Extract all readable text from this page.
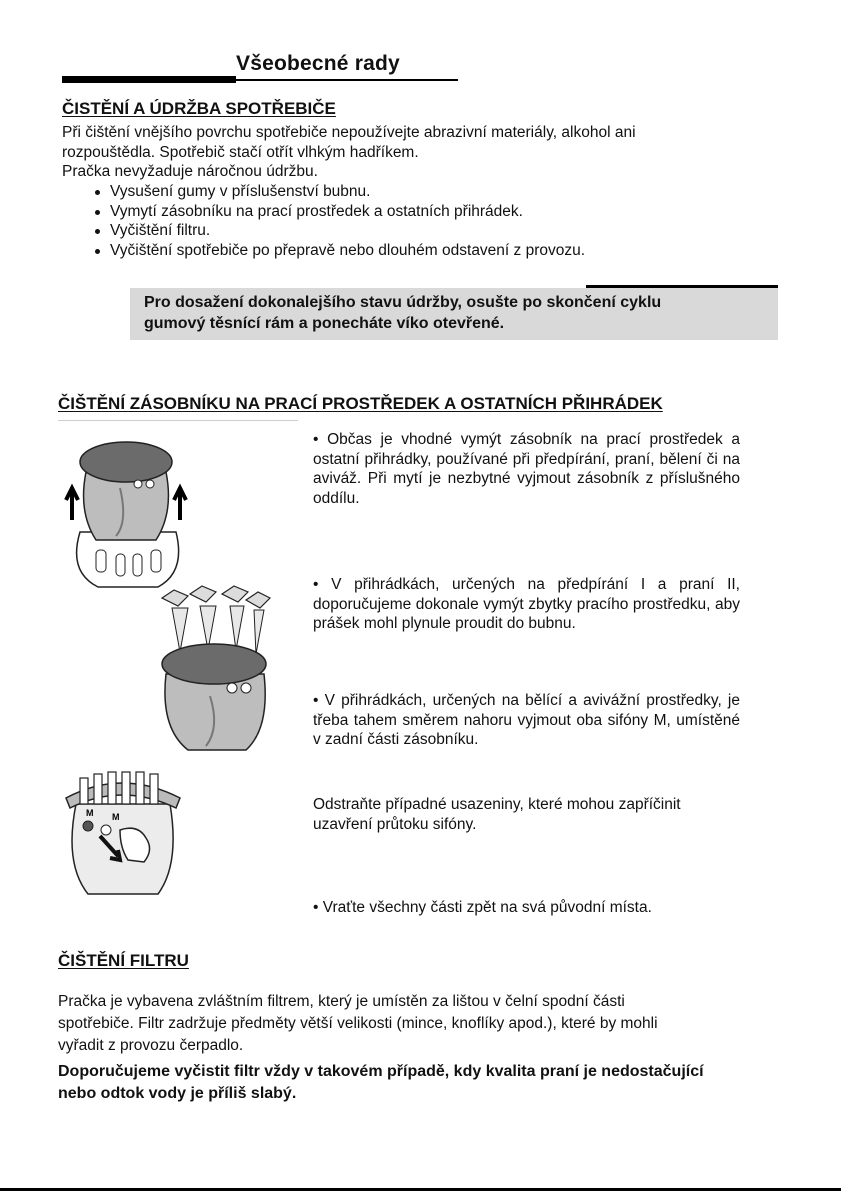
Všeobecné rady
ČISTĚNÍ A ÚDRŽBA SPOTŘEBIČE
Při čištění vnějšího povrchu spotřebiče nepoužívejte abrazivní materiály, alkohol ani
rozpouštědla. Spotřebič stačí otřít vlhkým hadříkem.
Pračka nevyžaduje náročnou údržbu.
Vysušení gumy v příslušenství bubnu.
Vymytí zásobníku na prací prostředek a ostatních přihrádek.
Vyčištění filtru.
Vyčištění spotřebiče po přepravě nebo dlouhém odstavení z provozu.
Pro dosažení dokonalejšího stavu údržby, osušte po skončení cyklu
gumový těsnící rám a ponecháte víko otevřené.
ČIŠTĚNÍ ZÁSOBNÍKU NA PRACÍ PROSTŘEDEK A OSTATNÍCH PŘIHRÁDEK
M M
• Občas je vhodné vymýt zásobník na prací prostředek a ostatní přihrádky, používané při předpírání, praní, bělení či na aviváž. Při mytí je nezbytné vyjmout zásobník z příslušného oddílu.
• V přihrádkách, určených na předpírání I a praní II, doporučujeme dokonale vymýt zbytky pracího prostředku, aby prášek mohl plynule proudit do bubnu.
• V přihrádkách, určených na bělící a avivážní prostředky, je třeba tahem směrem nahoru vyjmout oba sifóny M, umístěné v zadní části zásobníku.
Odstraňte případné usazeniny, které mohou zapříčinit uzavření průtoku sifóny.
• Vraťte všechny části zpět na svá původní místa.
ČIŠTĚNÍ FILTRU
Pračka je vybavena zvláštním filtrem, který je umístěn za lištou v čelní spodní části
spotřebiče. Filtr zadržuje předměty větší velikosti (mince, knoflíky apod.), které by mohli
vyřadit z provozu čerpadlo.
Doporučujeme vyčistit filtr vždy v takovém případě, kdy kvalita praní je nedostačující
nebo odtok vody je příliš slabý.
